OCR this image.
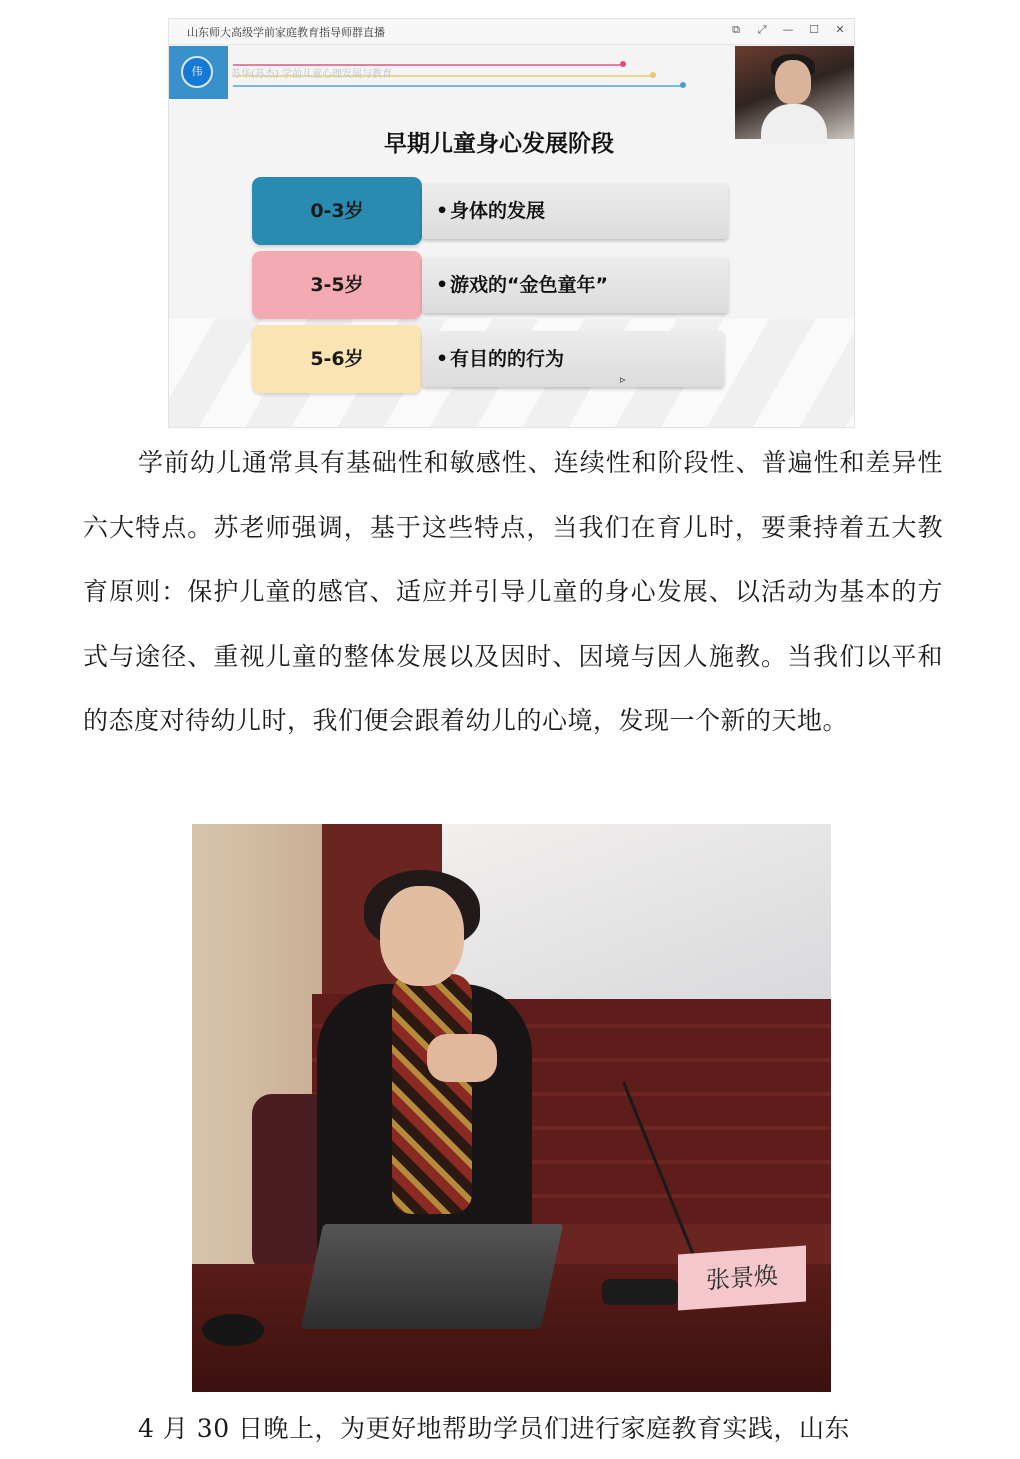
山东师大高级学前家庭教育指导师群直播	⧉ ⤢ — ☐ ✕
伟	苏华(苏杰) 学前儿童心理发展与教育
早期儿童身心发展阶段
0-3岁	•身体的发展
3-5岁	•游戏的“金色童年”
5-6岁	•有目的的行为
▹

学前幼儿通常具有基础性和敏感性、连续性和阶段性、普遍性和差异性六大特点。苏老师强调，基于这些特点，当我们在育儿时，要秉持着五大教育原则：保护儿童的感官、适应并引导儿童的身心发展、以活动为基本的方式与途径、重视儿童的整体发展以及因时、因境与因人施教。当我们以平和的态度对待幼儿时，我们便会跟着幼儿的心境，发现一个新的天地。

张景焕

4 月 30 日晚上，为更好地帮助学员们进行家庭教育实践，山东
